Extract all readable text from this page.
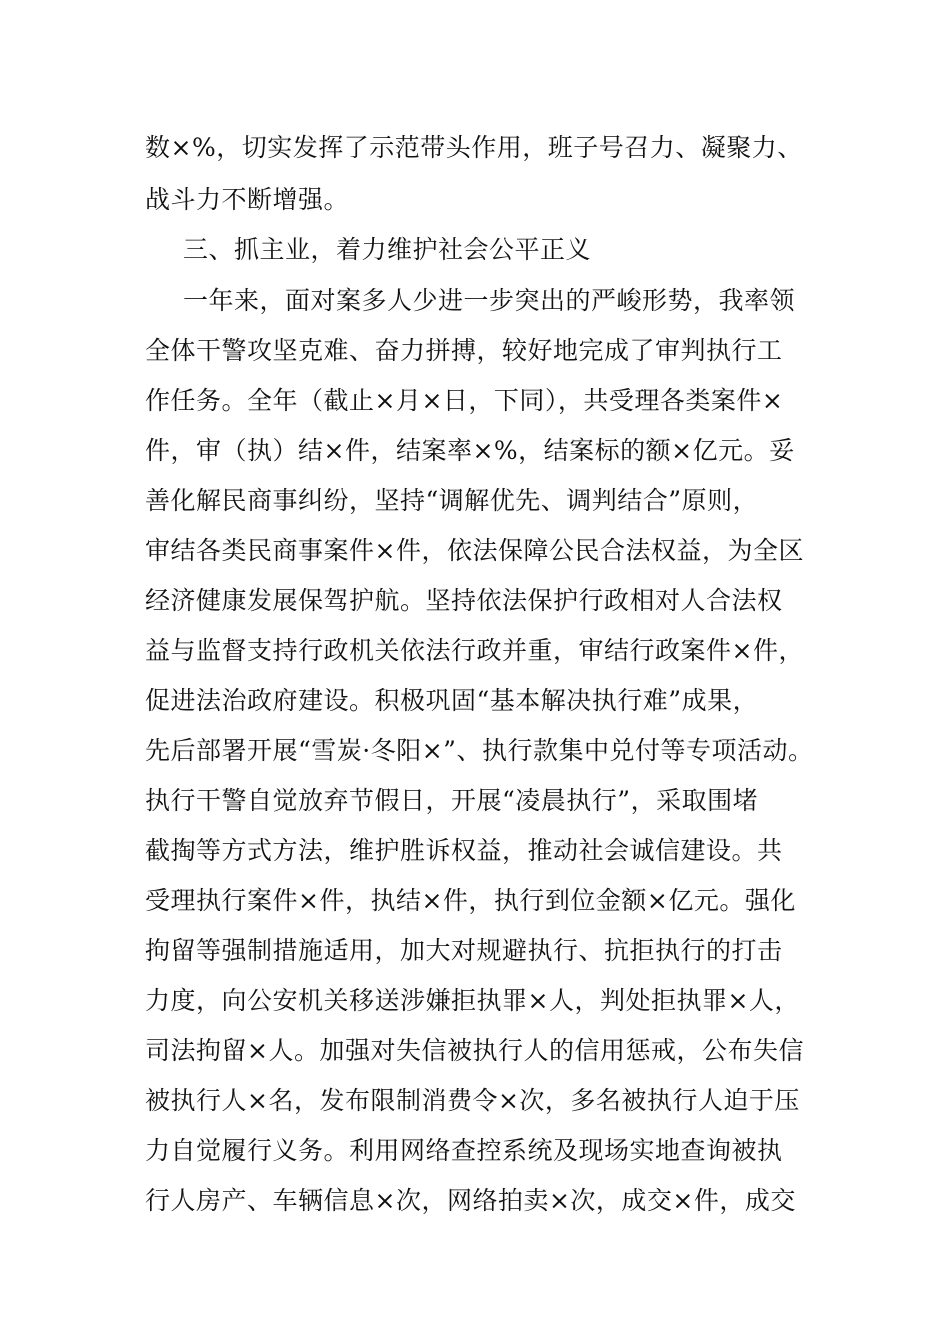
数×%，切实发挥了示范带头作用，班子号召力、凝聚力、
战斗力不断增强。
三、抓主业，着力维护社会公平正义
一年来，面对案多人少进一步突出的严峻形势，我率领
全体干警攻坚克难、奋力拼搏，较好地完成了审判执行工
作任务。全年（截止×月×日，下同），共受理各类案件×
件，审（执）结×件，结案率×%，结案标的额×亿元。妥
善化解民商事纠纷，坚持“调解优先、调判结合”原则，
审结各类民商事案件×件，依法保障公民合法权益，为全区
经济健康发展保驾护航。坚持依法保护行政相对人合法权
益与监督支持行政机关依法行政并重，审结行政案件×件，
促进法治政府建设。积极巩固“基本解决执行难”成果，
先后部署开展“雪炭·冬阳×”、执行款集中兑付等专项活动。
执行干警自觉放弃节假日，开展“凌晨执行”，采取围堵
截掏等方式方法，维护胜诉权益，推动社会诚信建设。共
受理执行案件×件，执结×件，执行到位金额×亿元。强化
拘留等强制措施适用，加大对规避执行、抗拒执行的打击
力度，向公安机关移送涉嫌拒执罪×人，判处拒执罪×人，
司法拘留×人。加强对失信被执行人的信用惩戒，公布失信
被执行人×名，发布限制消费令×次，多名被执行人迫于压
力自觉履行义务。利用网络查控系统及现场实地查询被执
行人房产、车辆信息×次，网络拍卖×次，成交×件，成交
